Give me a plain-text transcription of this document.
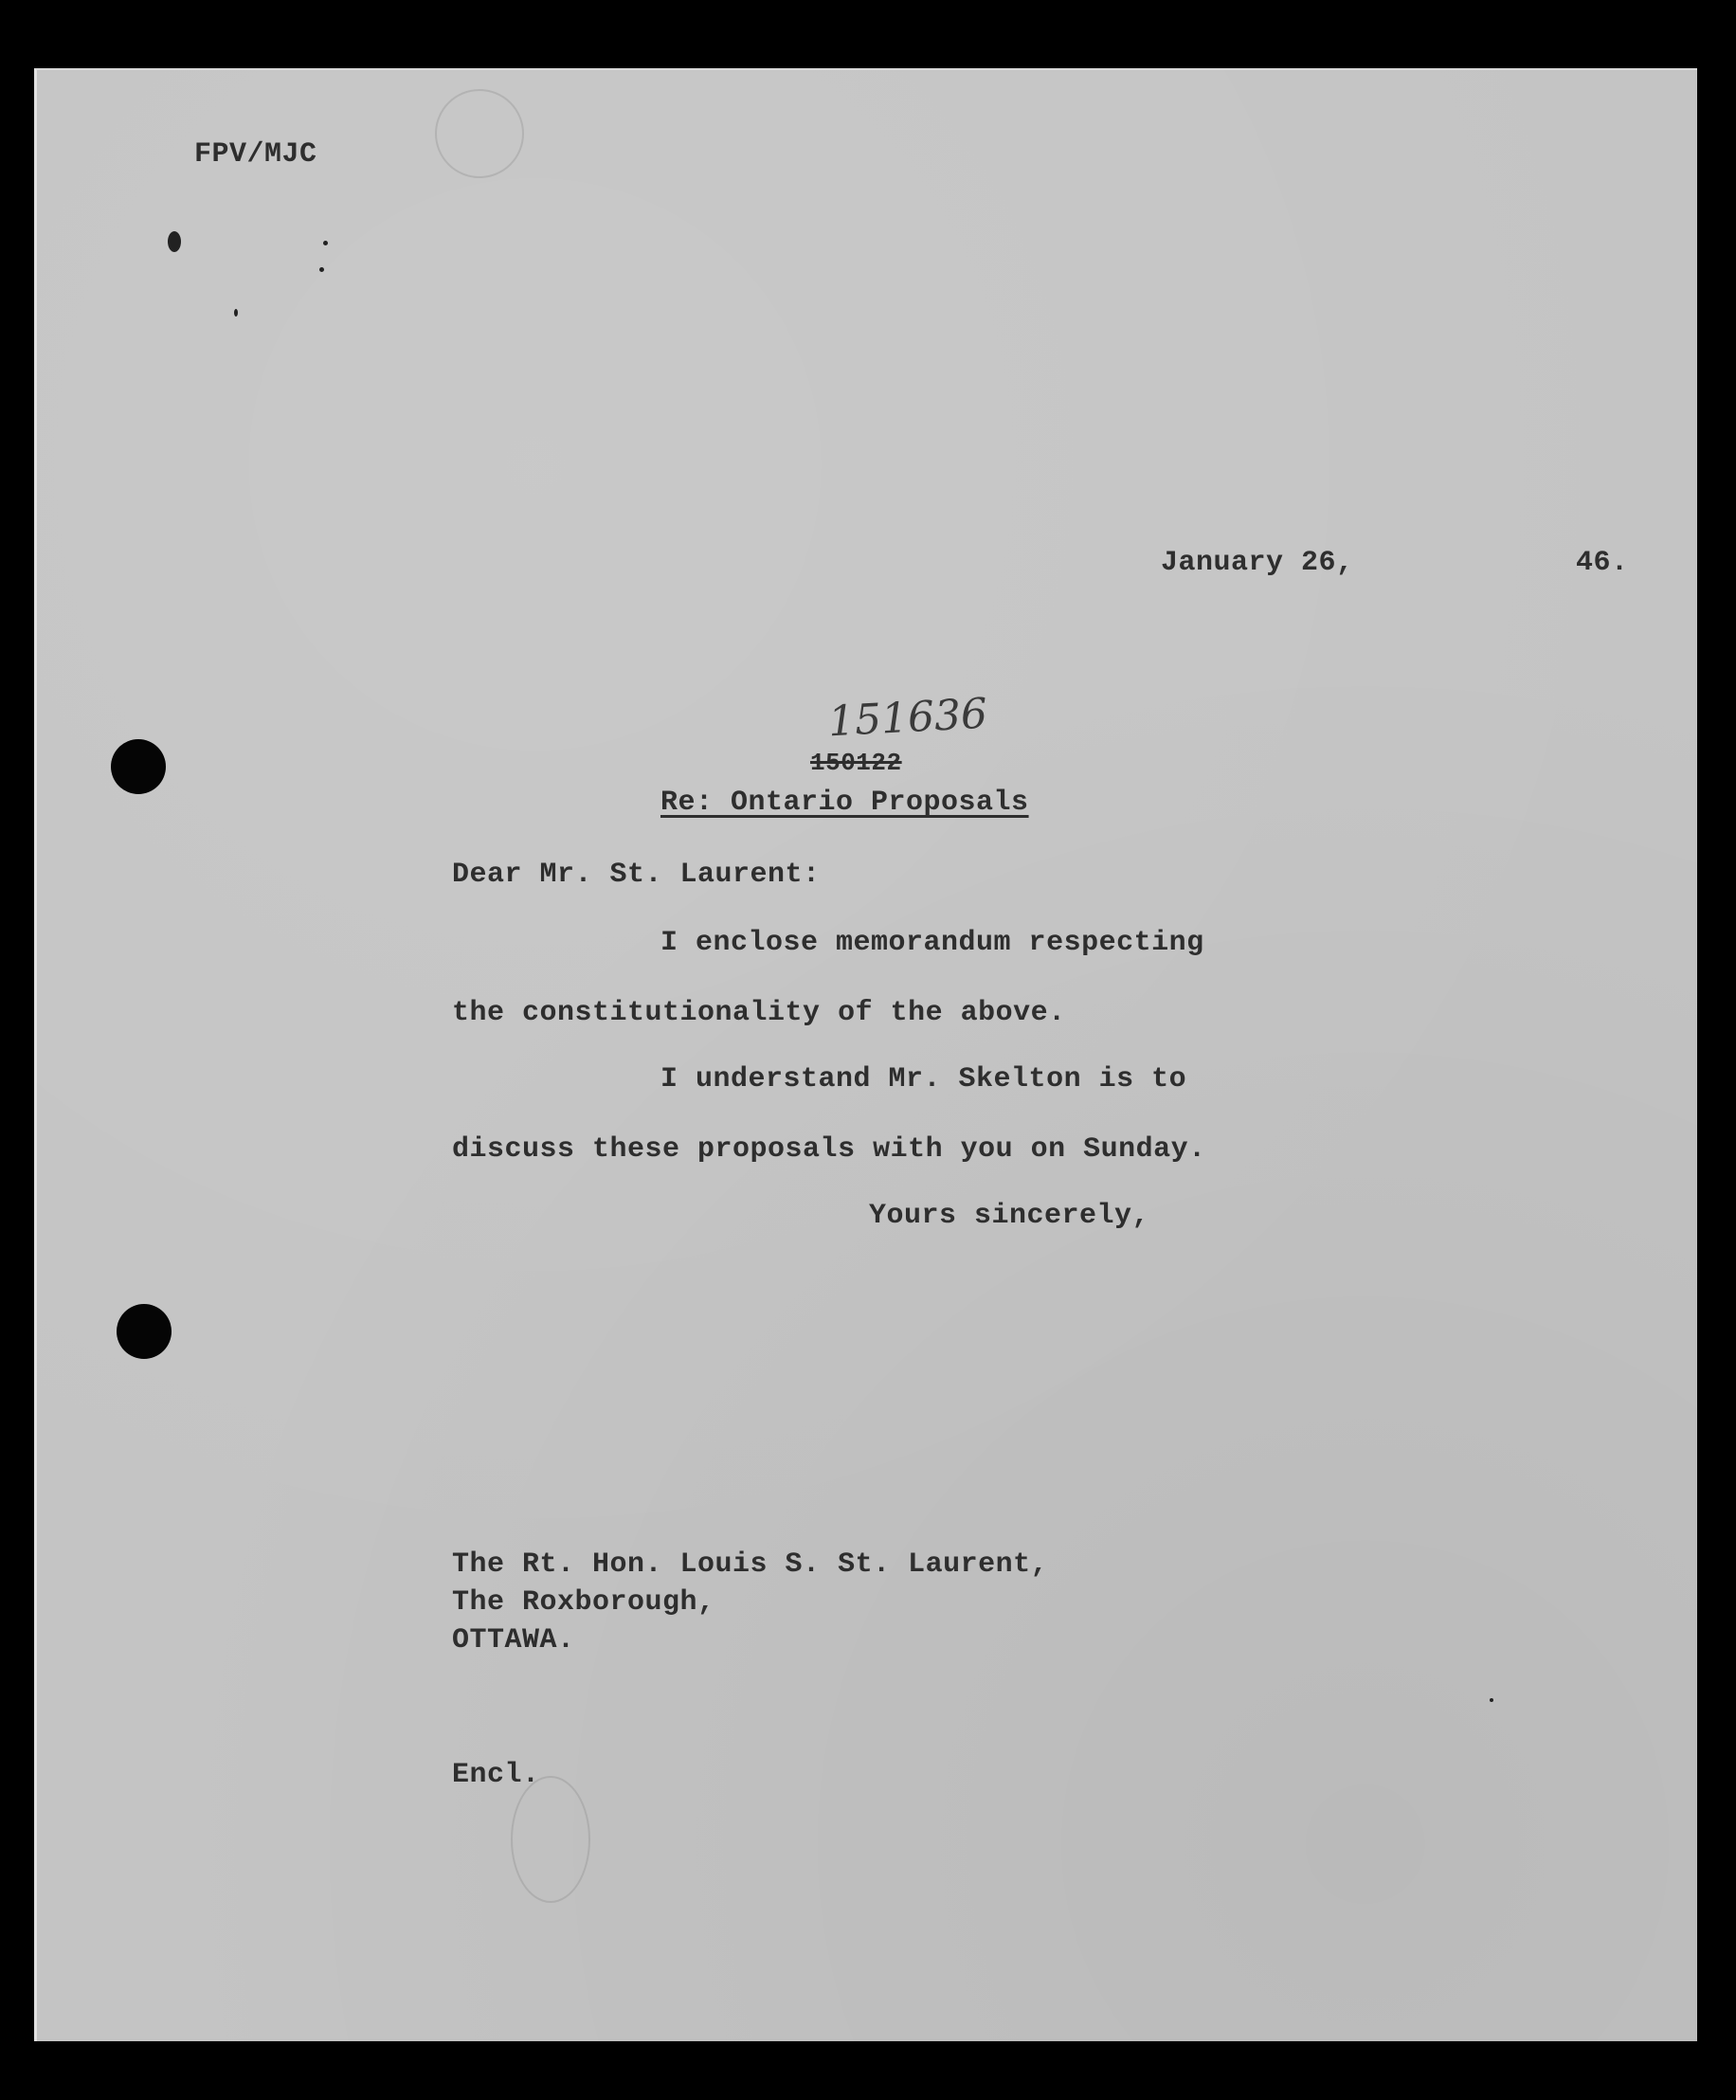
FPV/MJC
January 26,	46.
151636
150122
Re: Ontario Proposals
Dear Mr. St. Laurent:
I enclose memorandum respecting
the constitutionality of the above.
I understand Mr. Skelton is to
discuss these proposals with you on Sunday.
Yours sincerely,
The Rt. Hon. Louis S. St. Laurent,
The Roxborough,
OTTAWA.
Encl.
